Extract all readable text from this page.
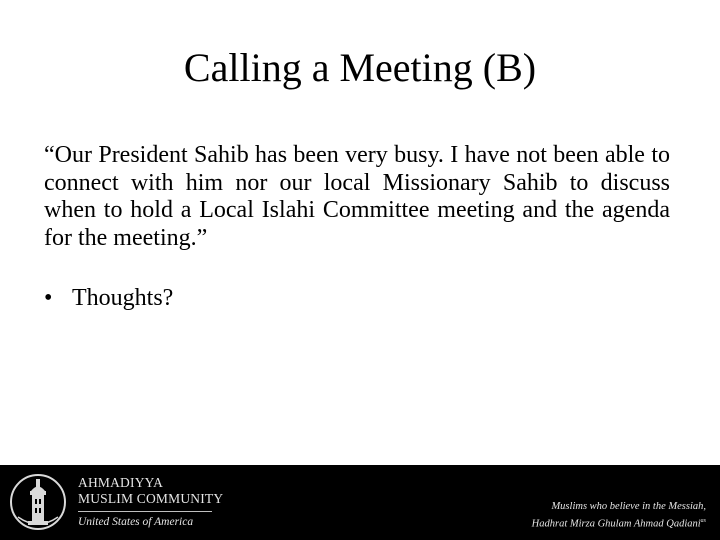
Calling a Meeting (B)
“Our President Sahib has been very busy. I have not been able to connect with him nor our local Missionary Sahib to discuss when to hold a Local Islahi Committee meeting and the agenda for the meeting.”
• Thoughts?
AHMADIYYA
MUSLIM COMMUNITY
United States of America
Muslims who believe in the Messiah,
Hadhrat Mirza Ghulam Ahmad Qadiani$^{as}$
